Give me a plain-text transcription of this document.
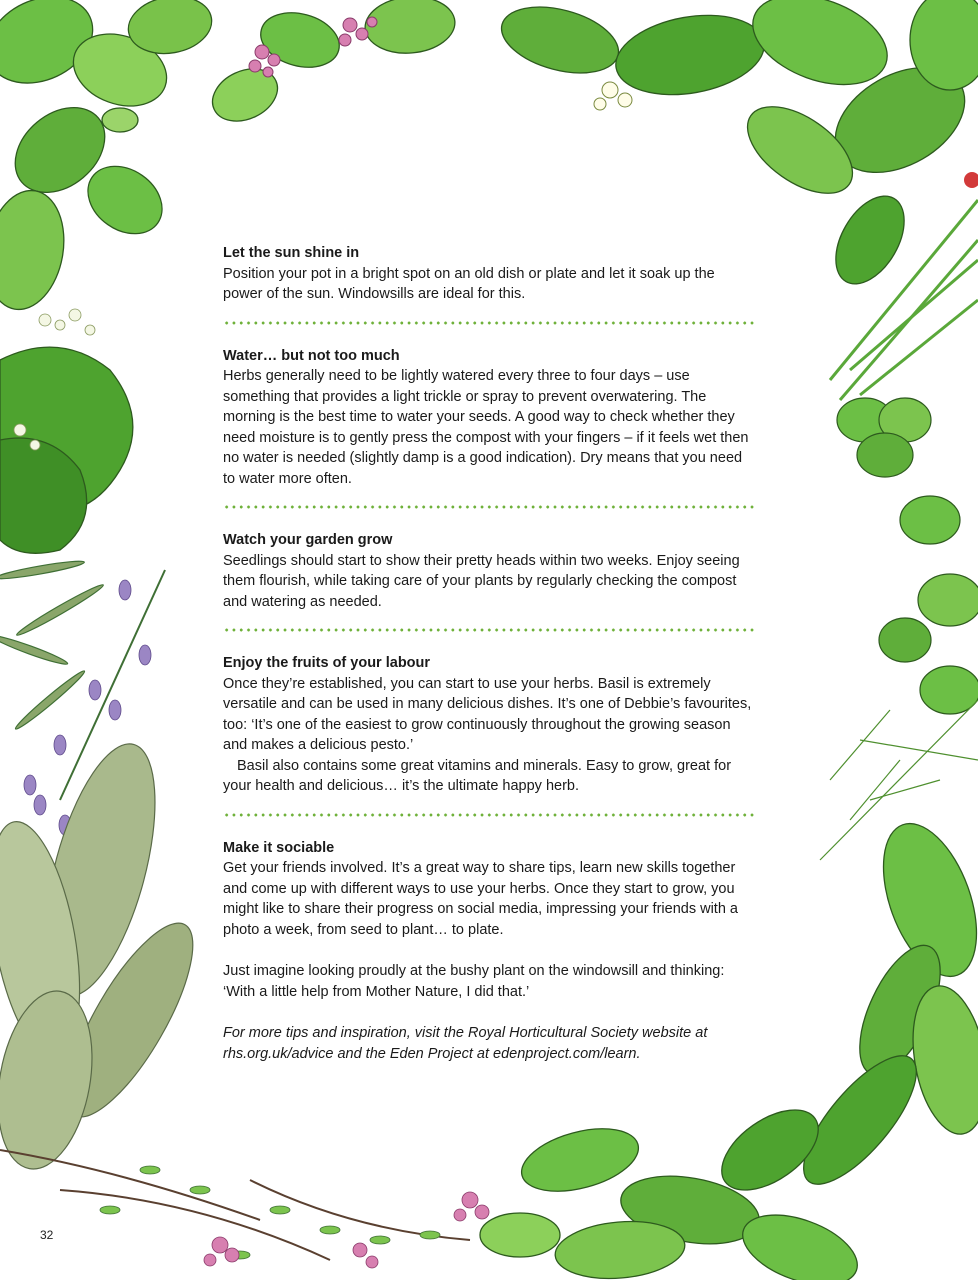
Let the sun shine in

Position your pot in a bright spot on an old dish or plate and let it soak up the power of the sun. Windowsills are ideal for this.

Water… but not too much

Herbs generally need to be lightly watered every three to four days – use something that provides a light trickle or spray to prevent overwatering. The morning is the best time to water your seeds. A good way to check whether they need moisture is to gently press the compost with your fingers – if it feels wet then no water is needed (slightly damp is a good indication). Dry means that you need to water more often.

Watch your garden grow

Seedlings should start to show their pretty heads within two weeks. Enjoy seeing them flourish, while taking care of your plants by regularly checking the compost and watering as needed.

Enjoy the fruits of your labour

Once they’re established, you can start to use your herbs. Basil is extremely versatile and can be used in many delicious dishes. It’s one of Debbie’s favourites, too: ‘It’s one of the easiest to grow continuously throughout the growing season and makes a delicious pesto.’

Basil also contains some great vitamins and minerals. Easy to grow, great for your health and delicious… it’s the ultimate happy herb.

Make it sociable

Get your friends involved. It’s a great way to share tips, learn new skills together and come up with different ways to use your herbs. Once they start to grow, you might like to share their progress on social media, impressing your friends with a photo a week, from seed to plant… to plate.

Just imagine looking proudly at the bushy plant on the windowsill and thinking: ‘With a little help from Mother Nature, I did that.’

For more tips and inspiration, visit the Royal Horticultural Society website at rhs.org.uk/advice and the Eden Project at edenproject.com/learn.

32
